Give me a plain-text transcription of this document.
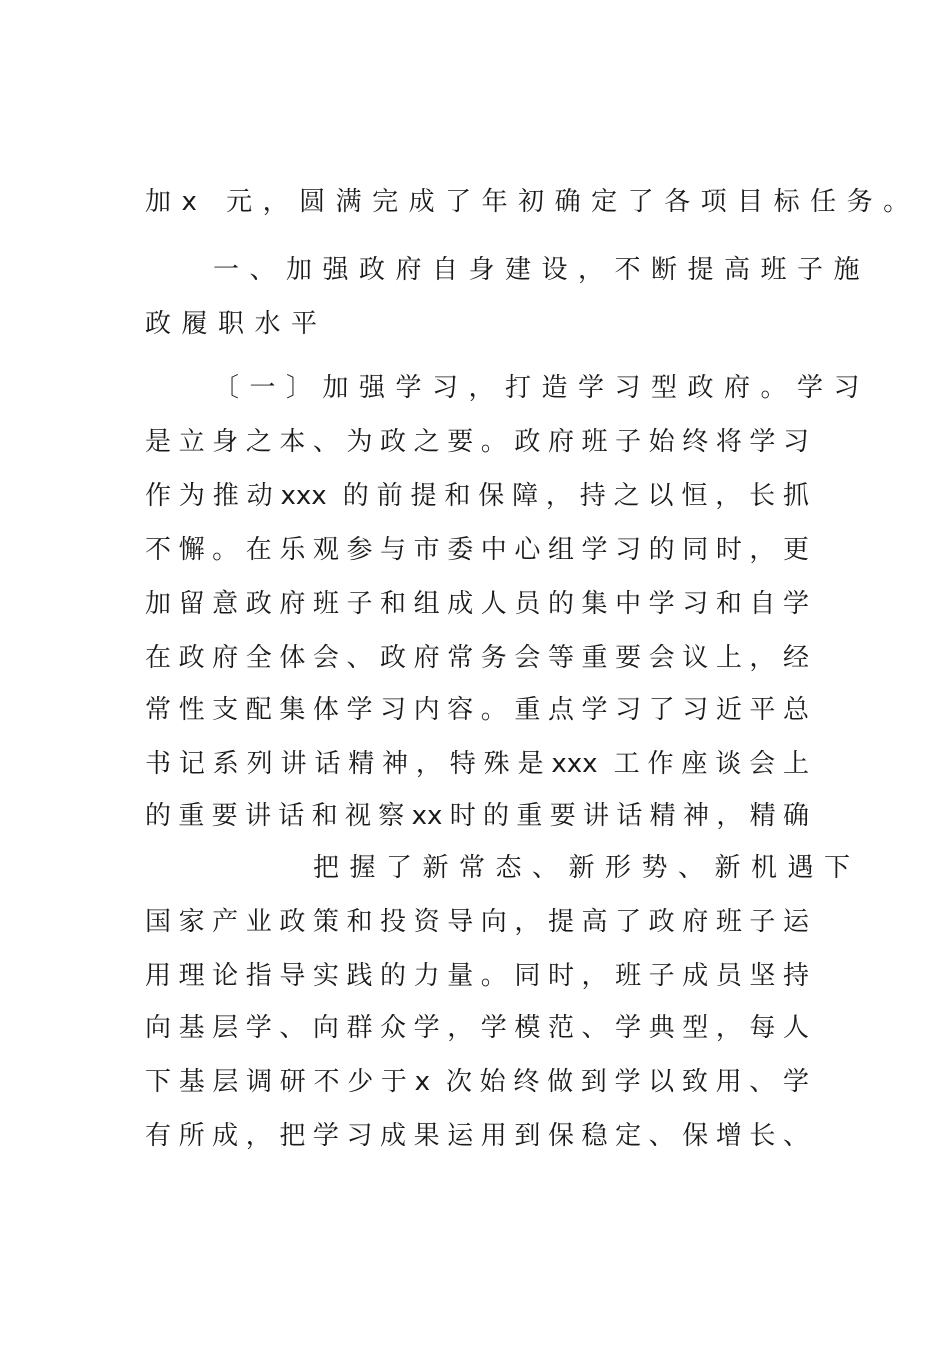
加x 元，圆满完成了年初确定了各项目标任务。
一、加强政府自身建设，不断提高班子施
政履职水平
〔一〕加强学习，打造学习型政府。学习
是立身之本、为政之要。政府班子始终将学习
作为推动xxx 的前提和保障，持之以恒，长抓
不懈。在乐观参与市委中心组学习的同时，更
加留意政府班子和组成人员的集中学习和自学
在政府全体会、政府常务会等重要会议上，经
常性支配集体学习内容。重点学习了习近平总
书记系列讲话精神，特殊是xxx 工作座谈会上
的重要讲话和视察xx时的重要讲话精神，精确
把握了新常态、新形势、新机遇下
国家产业政策和投资导向，提高了政府班子运
用理论指导实践的力量。同时，班子成员坚持
向基层学、向群众学，学模范、学典型，每人
下基层调研不少于x 次始终做到学以致用、学
有所成，把学习成果运用到保稳定、保增长、
